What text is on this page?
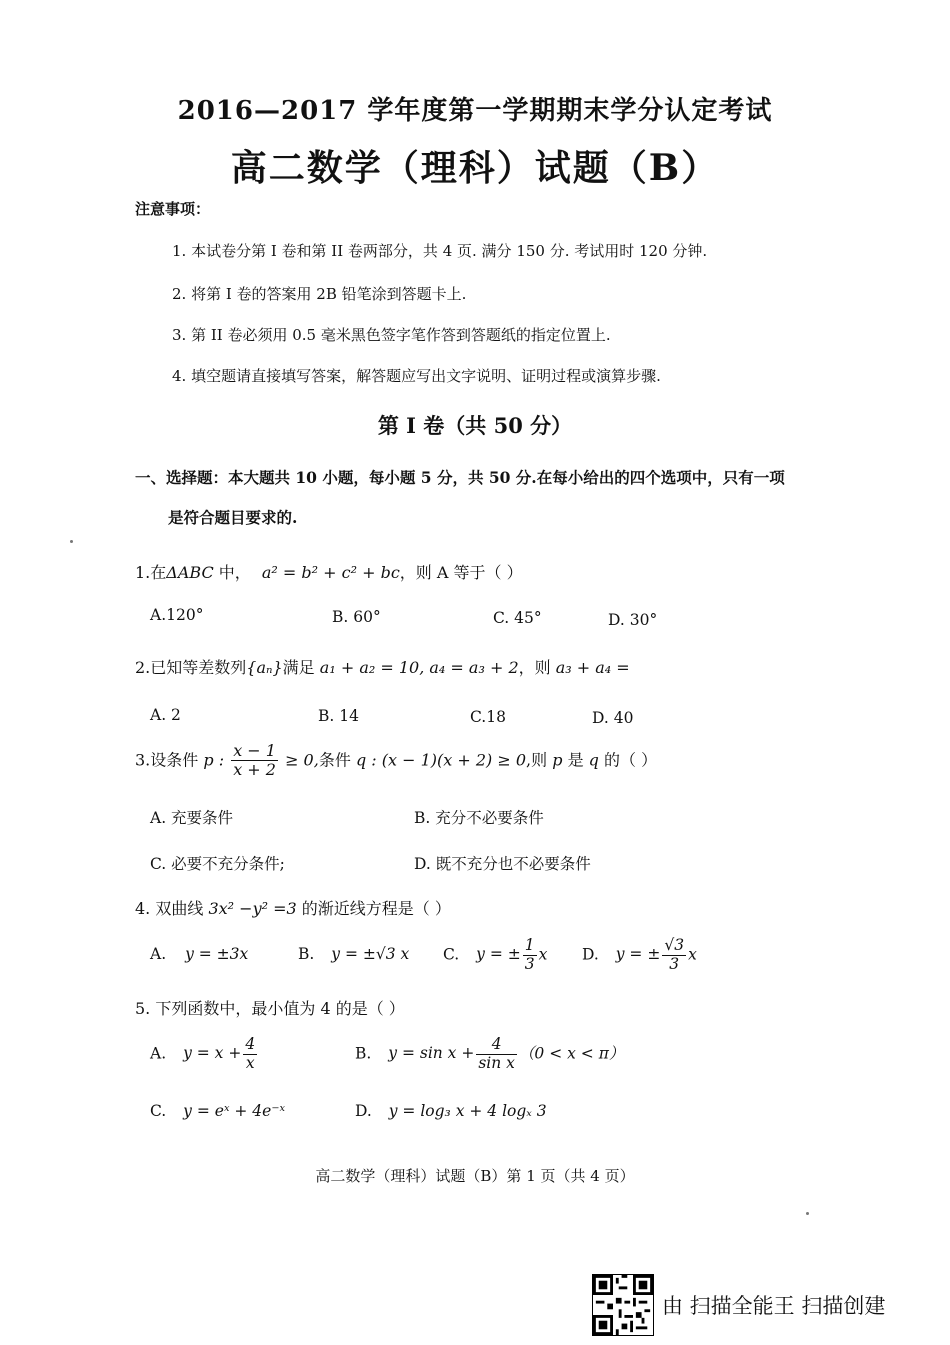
2016—2017 学年度第一学期期末学分认定考试
高二数学（理科）试题（B）
注意事项：
1. 本试卷分第 I 卷和第 II 卷两部分，共 4 页. 满分 150 分. 考试用时 120 分钟.
2. 将第 I 卷的答案用 2B 铅笔涂到答题卡上.
3. 第 II 卷必须用 0.5 毫米黑色签字笔作答到答题纸的指定位置上.
4. 填空题请直接填写答案，解答题应写出文字说明、证明过程或演算步骤.
第 I 卷（共 50 分）
一、选择题：本大题共 10 小题，每小题 5 分，共 50 分.在每小给出的四个选项中，只有一项
是符合题目要求的.
1.在ΔABC 中， a² = b² + c² + bc，则 A 等于（ ）
A.120°	B. 60°	C. 45°	D. 30°
2.已知等差数列{aₙ}满足 a₁ + a₂ = 10, a₄ = a₃ + 2，则 a₃ + a₄ =
A. 2	B. 14	C.18	D. 40
3.设条件 p : $\frac{x - 1}{x + 2} \ge 0$,条件 q : (x − 1)(x + 2) ≥ 0,则 p 是 q 的（ ）
A. 充要条件	B. 充分不必要条件
C. 必要不充分条件;	D. 既不充分也不必要条件
4. 双曲线 3x² −y² =3 的渐近线方程是（ ）
A. y = ±3x	B. y = ±√3 x C. y = ± $\frac{1}{3}$ x D. y = ± $\frac{√3}{3}$ x
5. 下列函数中，最小值为 4 的是（ ）
A. $y = x + \frac{4}{x}$	B. $y = \sin x + \frac{4}{\text{sin x}} (0 < x < \pi)$
C. y = eˣ + 4e⁻ˣ	D. y = log₃ x + 4 logₓ 3
高二数学（理科）试题（B）第 1 页（共 4 页）
由 扫描全能王 扫描创建
